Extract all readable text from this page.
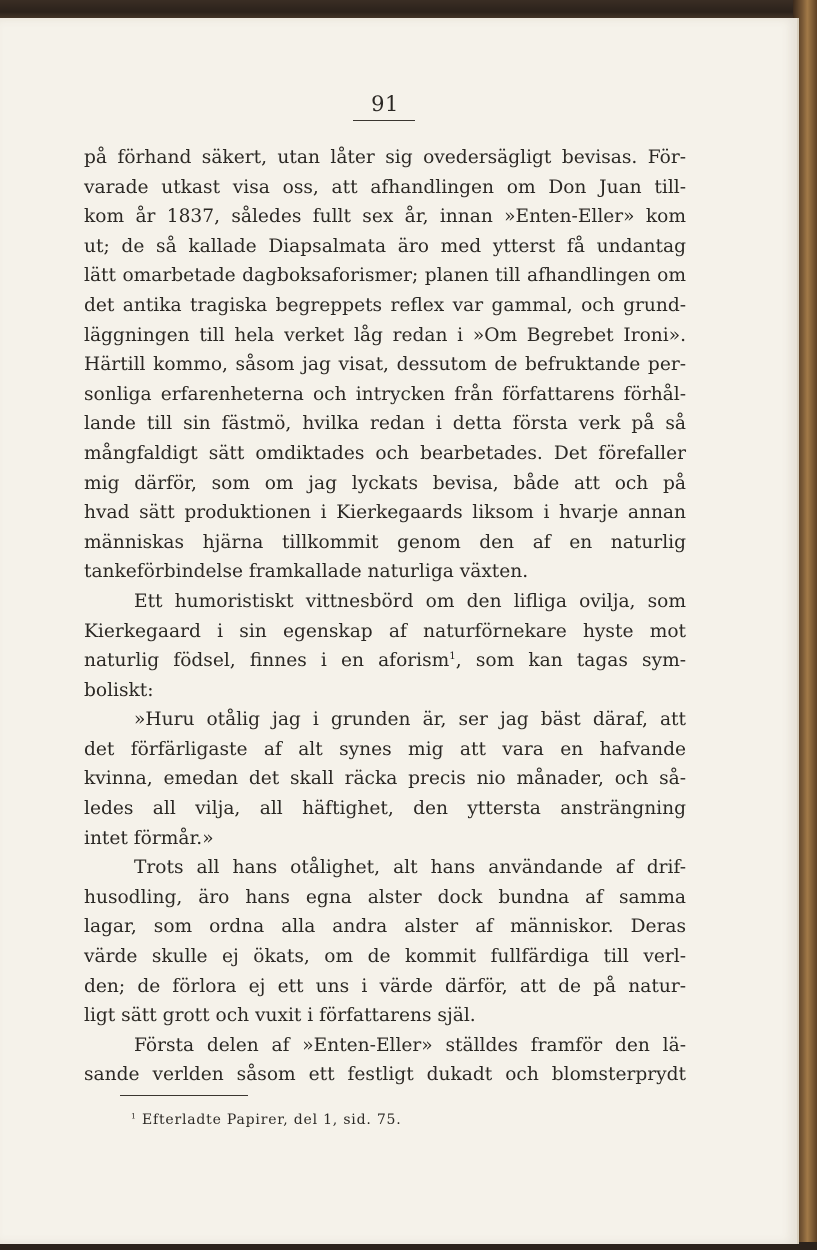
91
på förhand säkert, utan låter sig ovedersägligt bevisas. För-
varade utkast visa oss, att afhandlingen om Don Juan till-
kom år 1837, således fullt sex år, innan »Enten-Eller» kom
ut; de så kallade Diapsalmata äro med ytterst få undantag
lätt omarbetade dagboksaforismer; planen till afhandlingen om
det antika tragiska begreppets reflex var gammal, och grund-
läggningen till hela verket låg redan i »Om Begrebet Ironi».
Härtill kommo, såsom jag visat, dessutom de befruktande per-
sonliga erfarenheterna och intrycken från författarens förhål-
lande till sin fästmö, hvilka redan i detta första verk på så
mångfaldigt sätt omdiktades och bearbetades. Det förefaller
mig därför, som om jag lyckats bevisa, både att och på
hvad sätt produktionen i Kierkegaards liksom i hvarje annan
människas hjärna tillkommit genom den af en naturlig
tankeförbindelse framkallade naturliga växten.
Ett humoristiskt vittnesbörd om den lifliga ovilja, som
Kierkegaard i sin egenskap af naturförnekare hyste mot
naturlig födsel, finnes i en aforism$^1$, som kan tagas sym-
boliskt:
»Huru otålig jag i grunden är, ser jag bäst däraf, att
det förfärligaste af alt synes mig att vara en hafvande
kvinna, emedan det skall räcka precis nio månader, och så-
ledes all vilja, all häftighet, den yttersta ansträngning
intet förmår.»
Trots all hans otålighet, alt hans användande af drif-
husodling, äro hans egna alster dock bundna af samma
lagar, som ordna alla andra alster af människor. Deras
värde skulle ej ökats, om de kommit fullfärdiga till verl-
den; de förlora ej ett uns i värde därför, att de på natur-
ligt sätt grott och vuxit i författarens själ.
Första delen af »Enten-Eller» ställdes framför den lä-
sande verlden såsom ett festligt dukadt och blomsterprydt
$^1$ Efterladte Papirer, del 1, sid. 75.
